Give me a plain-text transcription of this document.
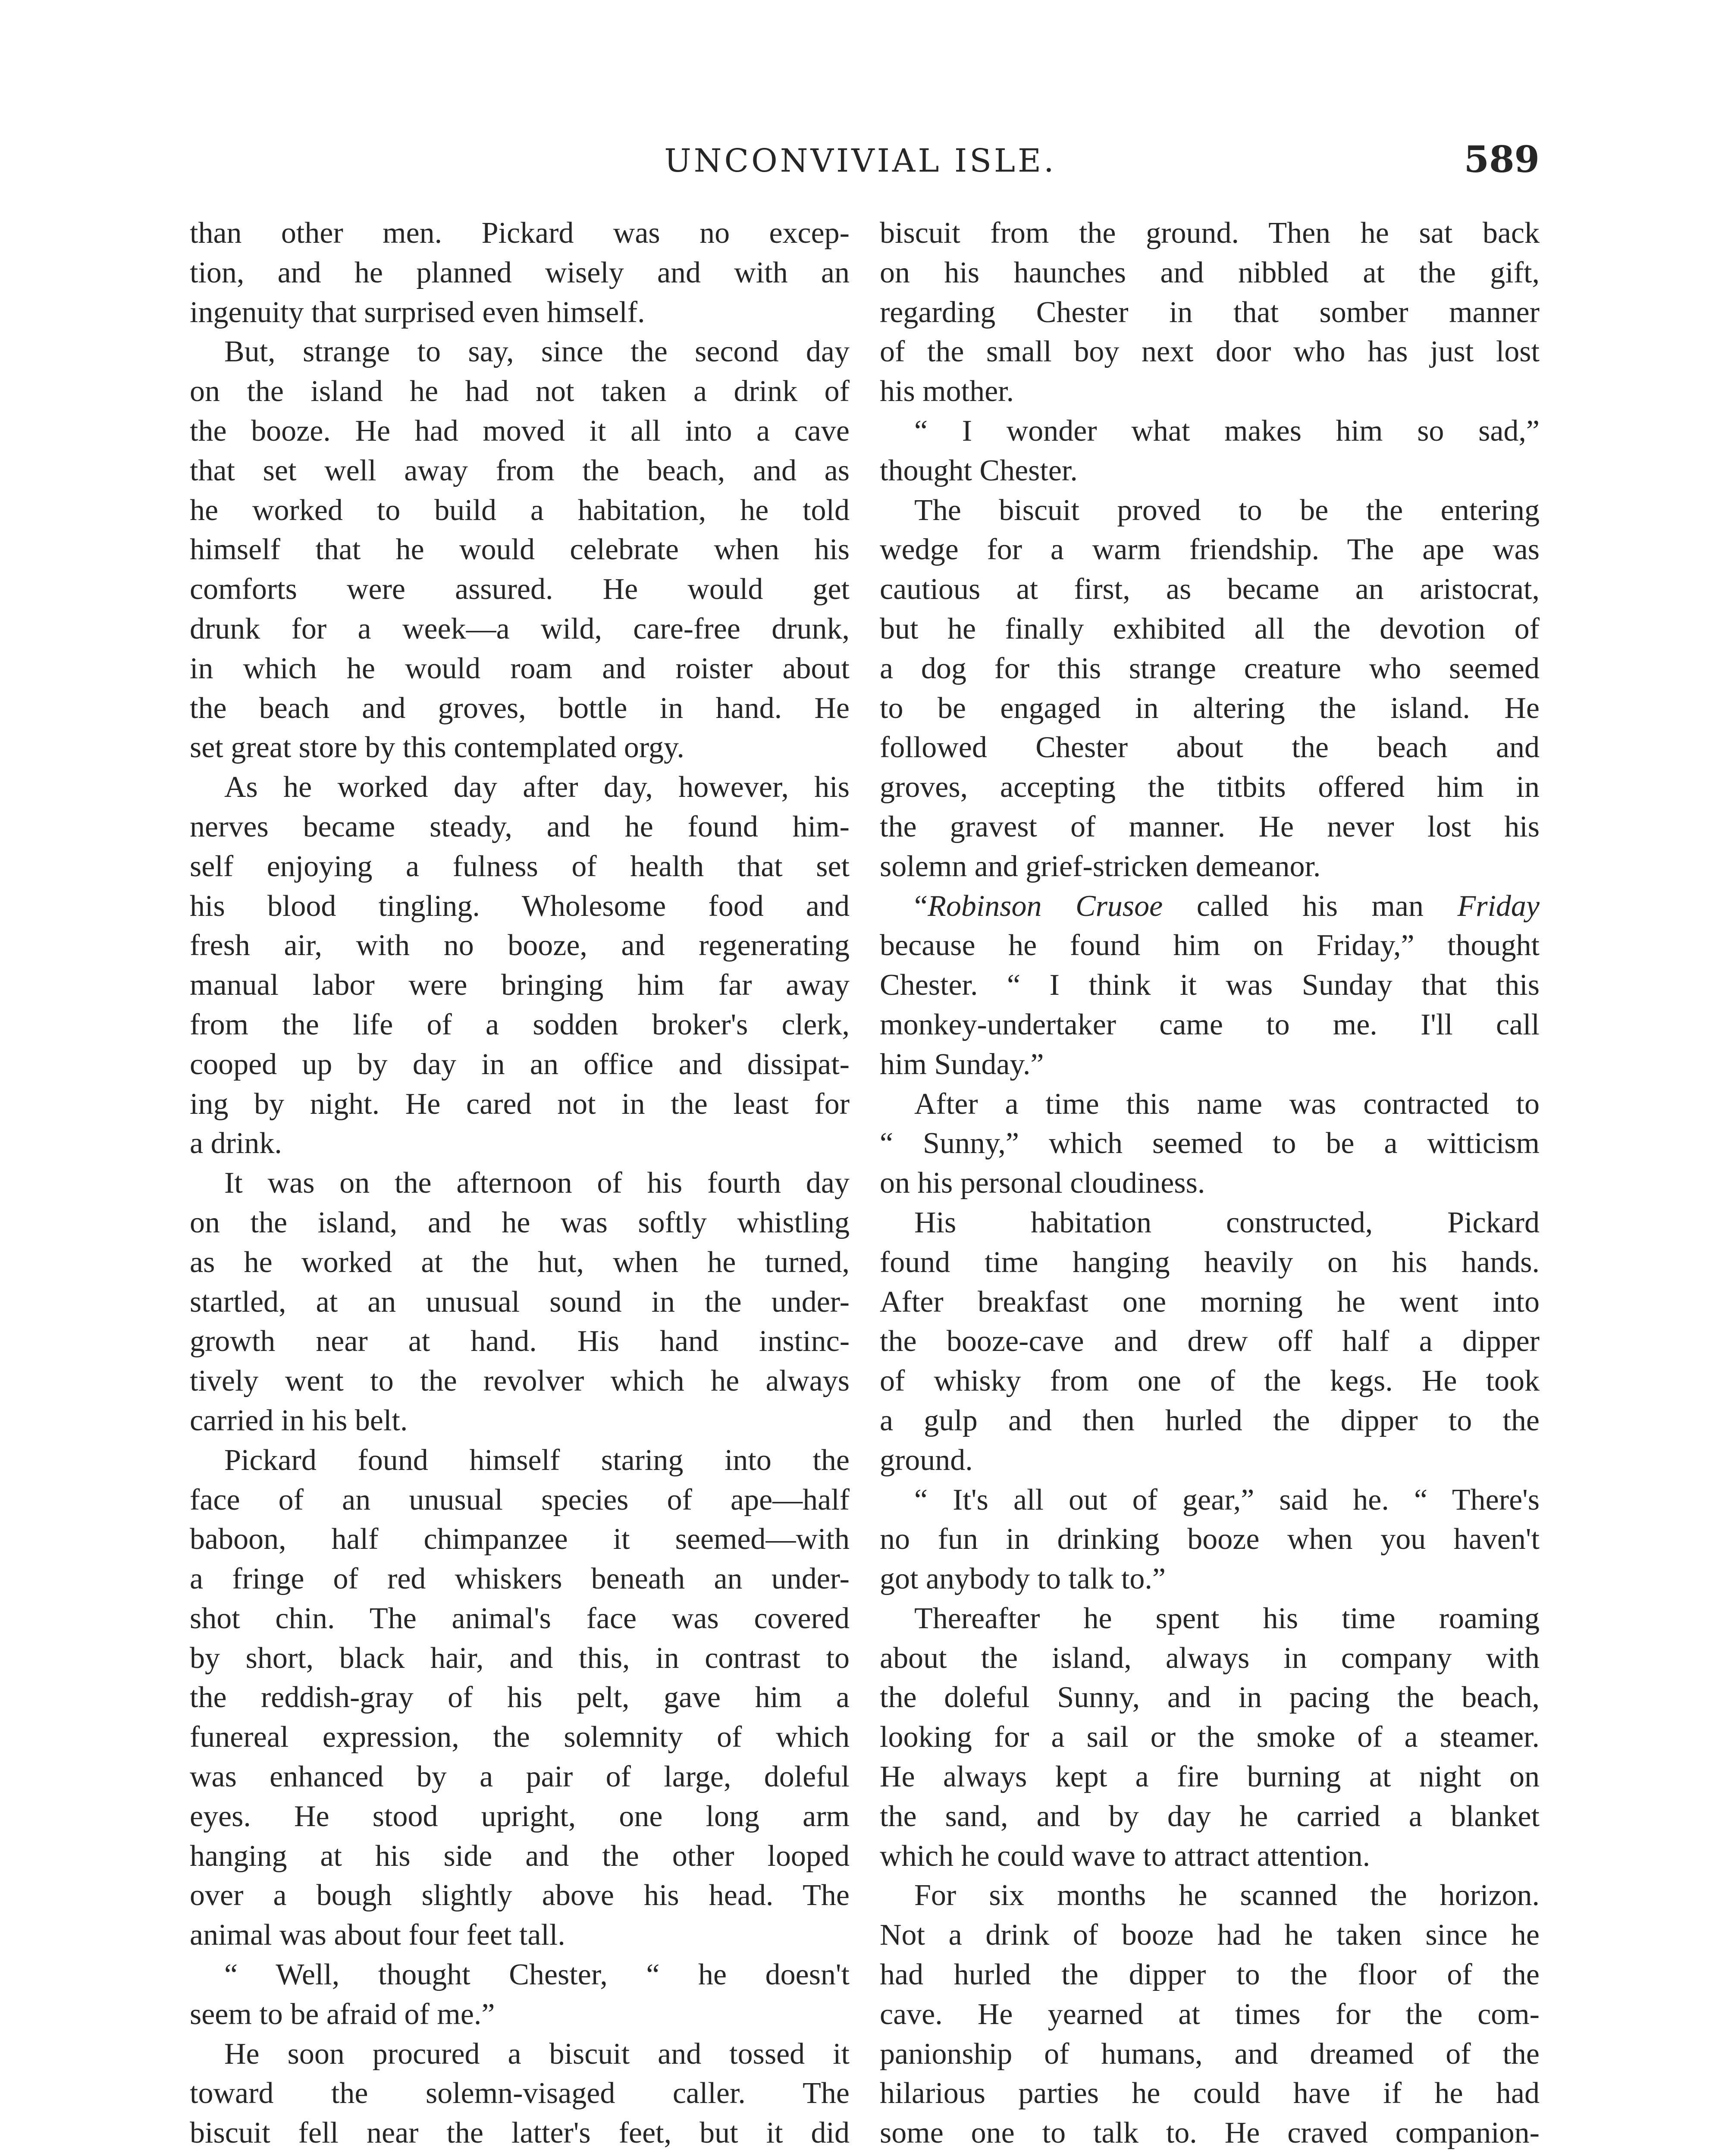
UNCONVIVIAL ISLE.	589
than other men. Pickard was no excep-
tion, and he planned wisely and with an
ingenuity that surprised even himself.
But, strange to say, since the second day
on the island he had not taken a drink of
the booze. He had moved it all into a cave
that set well away from the beach, and as
he worked to build a habitation, he told
himself that he would celebrate when his
comforts were assured. He would get
drunk for a week—a wild, care-free drunk,
in which he would roam and roister about
the beach and groves, bottle in hand. He
set great store by this contemplated orgy.
As he worked day after day, however, his
nerves became steady, and he found him-
self enjoying a fulness of health that set
his blood tingling. Wholesome food and
fresh air, with no booze, and regenerating
manual labor were bringing him far away
from the life of a sodden broker's clerk,
cooped up by day in an office and dissipat-
ing by night. He cared not in the least for
a drink.
It was on the afternoon of his fourth day
on the island, and he was softly whistling
as he worked at the hut, when he turned,
startled, at an unusual sound in the under-
growth near at hand. His hand instinc-
tively went to the revolver which he always
carried in his belt.
Pickard found himself staring into the
face of an unusual species of ape—half
baboon, half chimpanzee it seemed—with
a fringe of red whiskers beneath an under-
shot chin. The animal's face was covered
by short, black hair, and this, in contrast to
the reddish-gray of his pelt, gave him a
funereal expression, the solemnity of which
was enhanced by a pair of large, doleful
eyes. He stood upright, one long arm
hanging at his side and the other looped
over a bough slightly above his head. The
animal was about four feet tall.
“ Well, thought Chester, “ he doesn't
seem to be afraid of me.”
He soon procured a biscuit and tossed it
toward the solemn-visaged caller. The
biscuit fell near the latter's feet, but it did
biscuit from the ground. Then he sat back
on his haunches and nibbled at the gift,
regarding Chester in that somber manner
of the small boy next door who has just lost
his mother.
“ I wonder what makes him so sad,”
thought Chester.
The biscuit proved to be the entering
wedge for a warm friendship. The ape was
cautious at first, as became an aristocrat,
but he finally exhibited all the devotion of
a dog for this strange creature who seemed
to be engaged in altering the island. He
followed Chester about the beach and
groves, accepting the titbits offered him in
the gravest of manner. He never lost his
solemn and grief-stricken demeanor.
“Robinson Crusoe called his man Friday
because he found him on Friday,” thought
Chester. “ I think it was Sunday that this
monkey-undertaker came to me. I'll call
him Sunday.”
After a time this name was contracted to
“ Sunny,” which seemed to be a witticism
on his personal cloudiness.
His habitation constructed, Pickard
found time hanging heavily on his hands.
After breakfast one morning he went into
the booze-cave and drew off half a dipper
of whisky from one of the kegs. He took
a gulp and then hurled the dipper to the
ground.
“ It's all out of gear,” said he. “ There's
no fun in drinking booze when you haven't
got anybody to talk to.”
Thereafter he spent his time roaming
about the island, always in company with
the doleful Sunny, and in pacing the beach,
looking for a sail or the smoke of a steamer.
He always kept a fire burning at night on
the sand, and by day he carried a blanket
which he could wave to attract attention.
For six months he scanned the horizon.
Not a drink of booze had he taken since he
had hurled the dipper to the floor of the
cave. He yearned at times for the com-
panionship of humans, and dreamed of the
hilarious parties he could have if he had
some one to talk to. He craved companion-
